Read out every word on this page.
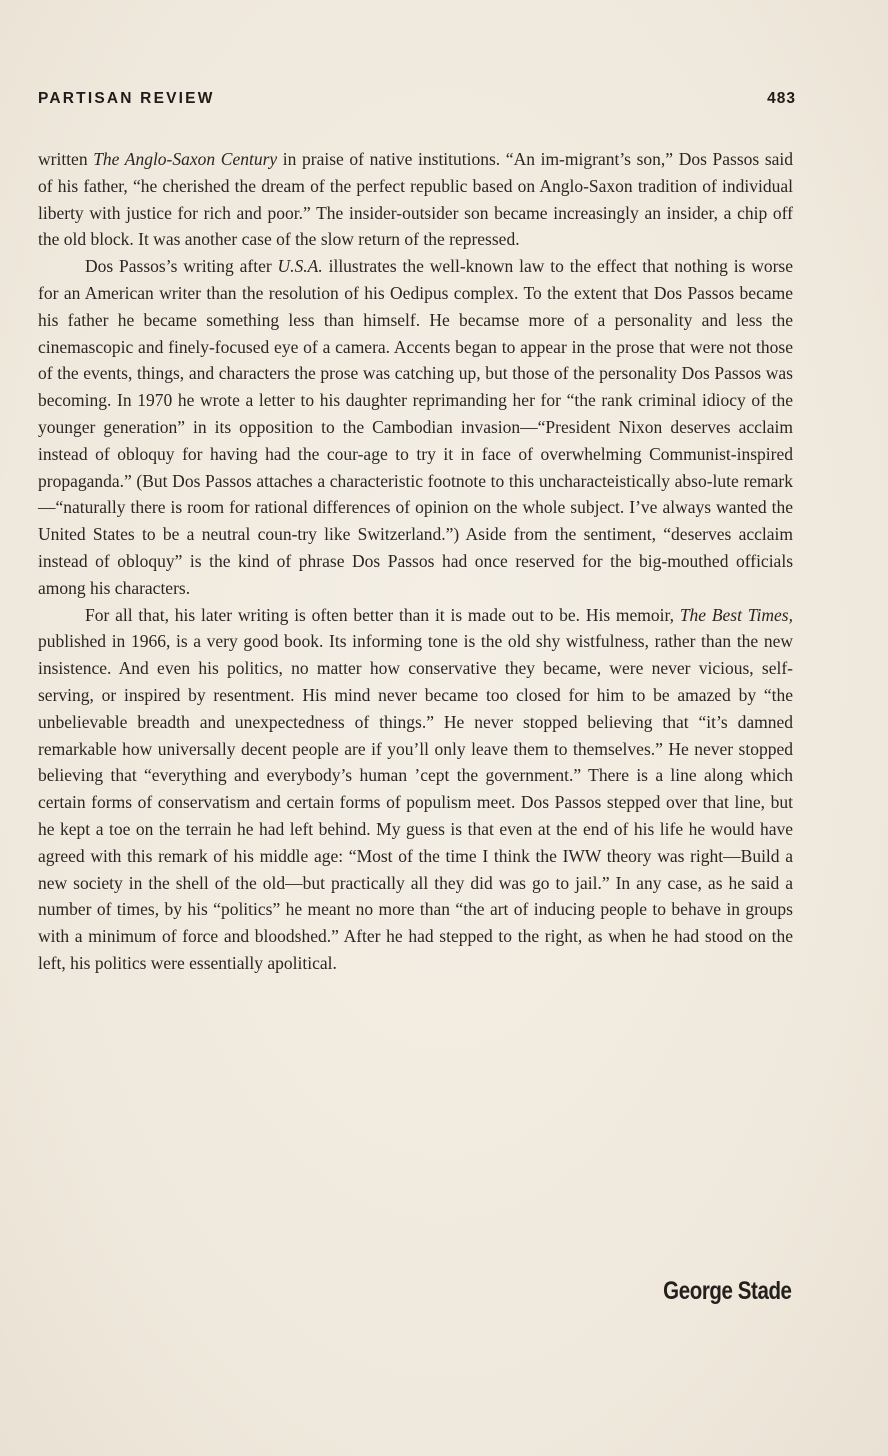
PARTISAN REVIEW	483

written The Anglo-Saxon Century in praise of native institutions. “An im-migrant’s son,” Dos Passos said of his father, “he cherished the dream of the perfect republic based on Anglo-Saxon tradition of individual liberty with justice for rich and poor.” The insider-outsider son became increasingly an insider, a chip off the old block. It was another case of the slow return of the repressed.

Dos Passos’s writing after U.S.A. illustrates the well-known law to the effect that nothing is worse for an American writer than the resolution of his Oedipus complex. To the extent that Dos Passos became his father he became something less than himself. He becamse more of a personality and less the cinemascopic and finely-focused eye of a camera. Accents began to appear in the prose that were not those of the events, things, and characters the prose was catching up, but those of the personality Dos Passos was becoming. In 1970 he wrote a letter to his daughter reprimanding her for “the rank criminal idiocy of the younger generation” in its opposition to the Cambodian invasion—“President Nixon deserves acclaim instead of obloquy for having had the cour-age to try it in face of overwhelming Communist-inspired propaganda.” (But Dos Passos attaches a characteristic footnote to this uncharacteistically abso-lute remark—“naturally there is room for rational differences of opinion on the whole subject. I’ve always wanted the United States to be a neutral coun-try like Switzerland.”) Aside from the sentiment, “deserves acclaim instead of obloquy” is the kind of phrase Dos Passos had once reserved for the big-mouthed officials among his characters.

For all that, his later writing is often better than it is made out to be. His memoir, The Best Times, published in 1966, is a very good book. Its informing tone is the old shy wistfulness, rather than the new insistence. And even his politics, no matter how conservative they became, were never vicious, self-serving, or inspired by resentment. His mind never became too closed for him to be amazed by “the unbelievable breadth and unexpectedness of things.” He never stopped believing that “it’s damned remarkable how universally decent people are if you’ll only leave them to themselves.” He never stopped believing that “everything and everybody’s human ’cept the government.” There is a line along which certain forms of conservatism and certain forms of populism meet. Dos Passos stepped over that line, but he kept a toe on the terrain he had left behind. My guess is that even at the end of his life he would have agreed with this remark of his middle age: “Most of the time I think the IWW theory was right—Build a new society in the shell of the old—but practically all they did was go to jail.” In any case, as he said a number of times, by his “politics” he meant no more than “the art of inducing people to behave in groups with a minimum of force and bloodshed.” After he had stepped to the right, as when he had stood on the left, his politics were essentially apolitical.

George Stade
